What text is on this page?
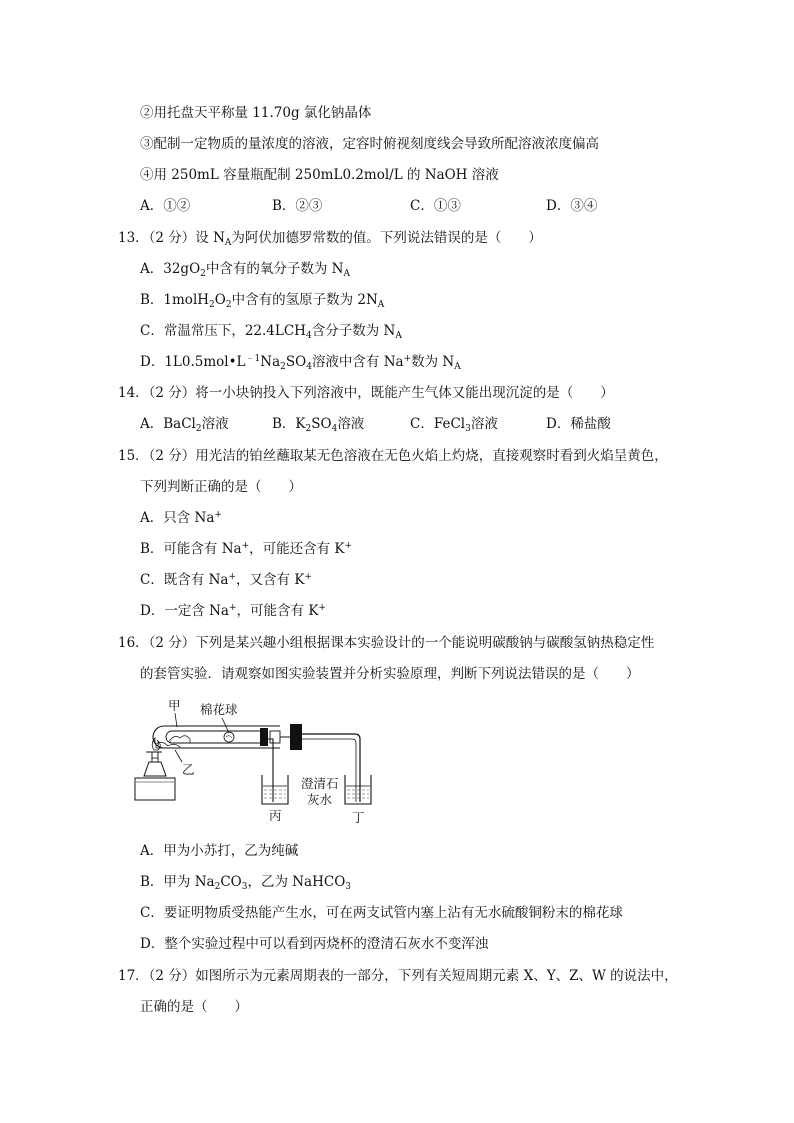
②用托盘天平称量 11.70g 氯化钠晶体
③配制一定物质的量浓度的溶液，定容时俯视刻度线会导致所配溶液浓度偏高
④用 250mL 容量瓶配制 250mL0.2mol/L 的 NaOH 溶液
A．①②	B．②③	C．①③	D．③④
13．（2 分）设 $N_A$为阿伏加德罗常数的值。下列说法错误的是（　　）
A．$32gO_2$中含有的氧分子数为 $N_A$
B．$1molH_2O_2$中含有的氢原子数为 $2N_A$
C．常温常压下，$22.4LCH_4$含分子数为 $N_A$
D．$1L0.5mol•L^{﹣1}Na_2SO_4$溶液中含有 Na+数为 $N_A$
14．（2 分）将一小块钠投入下列溶液中，既能产生气体又能出现沉淀的是（　　）
A．BaCl$_2$溶液	B．$K_2SO_4$溶液	C．FeCl$_3$溶液	D．稀盐酸
15．（2 分）用光洁的铂丝蘸取某无色溶液在无色火焰上灼烧，直接观察时看到火焰呈黄色，
下列判断正确的是（　　）
A．只含 Na+
B．可能含有 Na+，可能还含有 K+
C．既含有 Na+，又含有 K+
D．一定含 Na+，可能含有 K+
16．（2 分）下列是某兴趣小组根据课本实验设计的一个能说明碳酸钠与碳酸氢钠热稳定性
的套管实验．请观察如图实验装置并分析实验原理，判断下列说法错误的是（　　）
甲 棉花球
丙	丁
澄清石
灰水
乙
A．甲为小苏打，乙为纯碱
B．甲为 $Na_2CO_3$，乙为 NaHCO$_3$
C．要证明物质受热能产生水，可在两支试管内塞上沾有无水硫酸铜粉末的棉花球
D．整个实验过程中可以看到丙烧杯的澄清石灰水不变浑浊
17．（2 分）如图所示为元素周期表的一部分，下列有关短周期元素 X、Y、Z、W 的说法中，
正确的是（　　）
